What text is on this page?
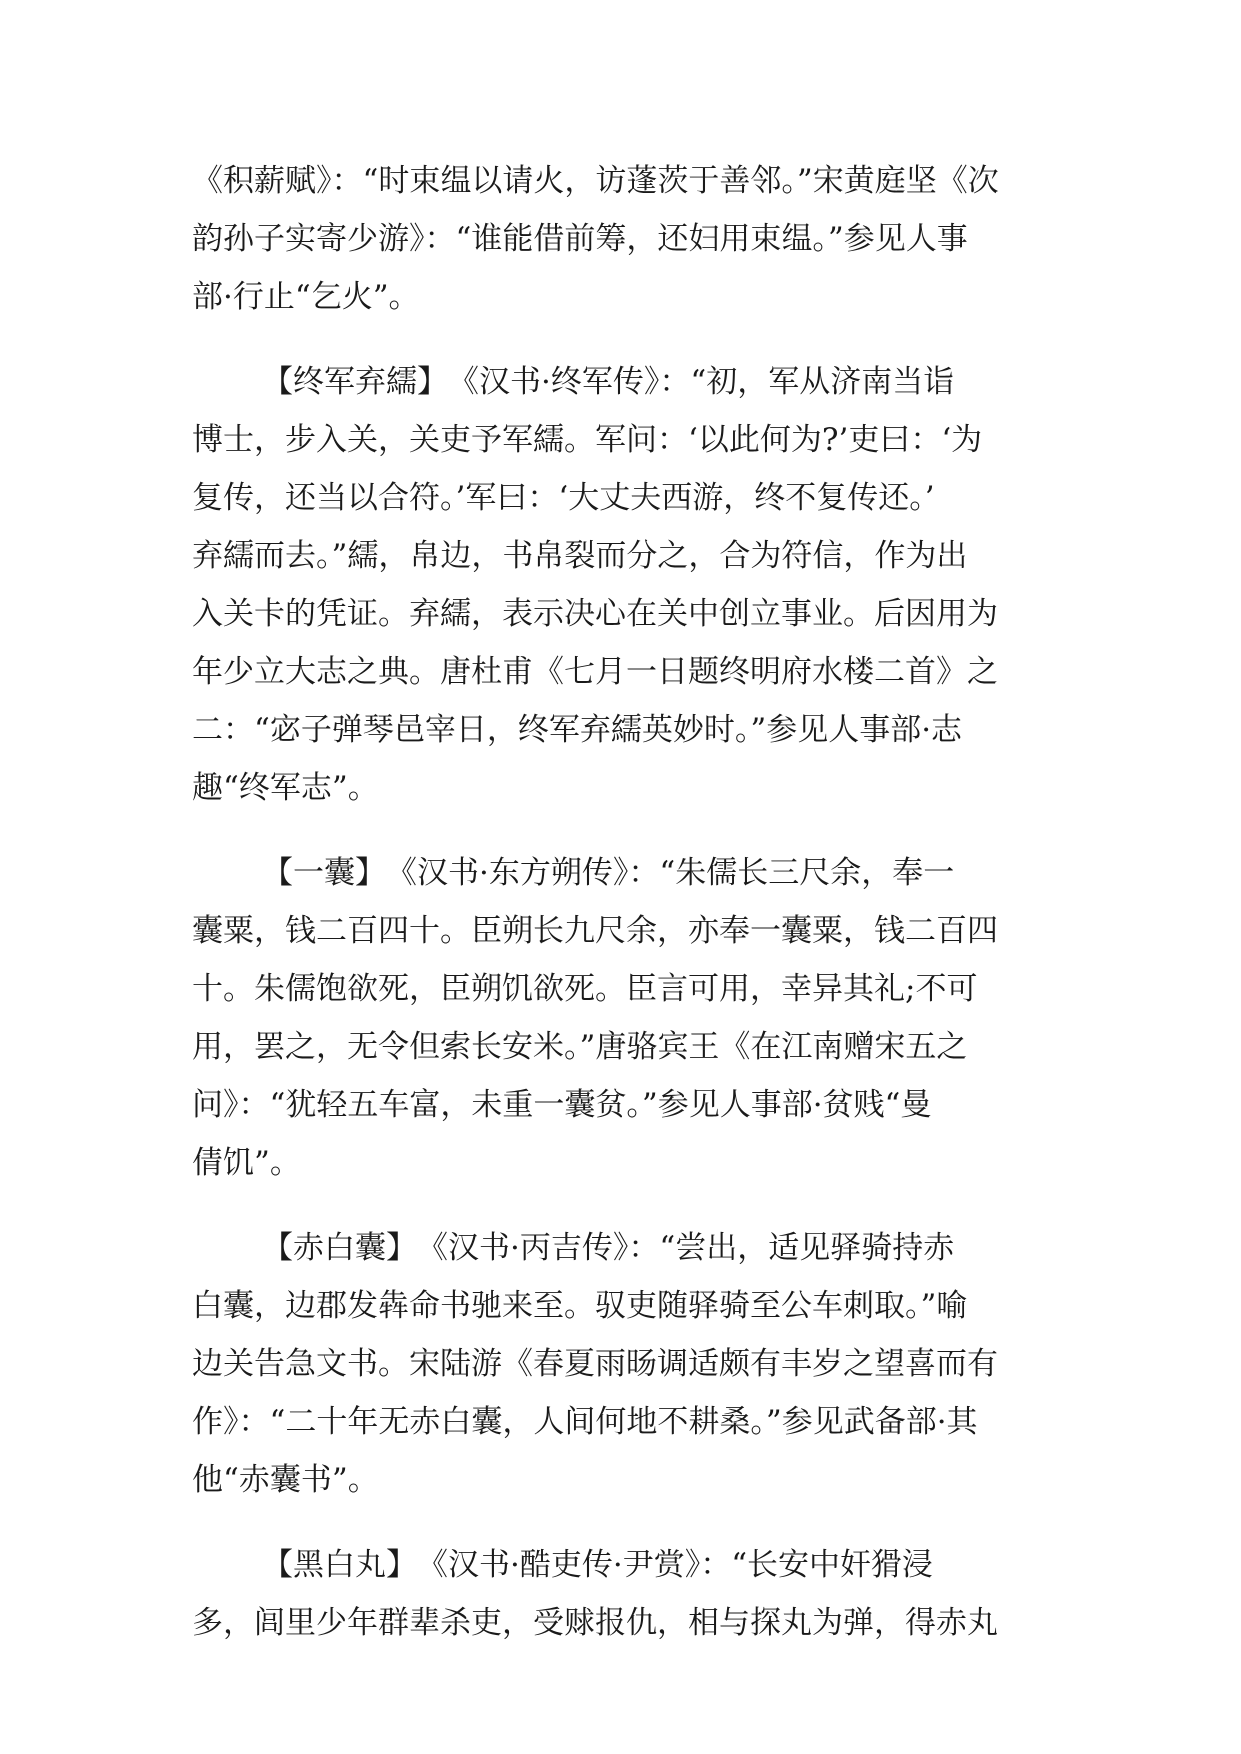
《积薪赋》：“时束缊以请火，访蓬茨于善邻。”宋黄庭坚《次
韵孙子实寄少游》：“谁能借前筹，还妇用束缊。”参见人事
部·行止“乞火”。
【终军弃繻】　《汉书·终军传》：“初，军从济南当诣
博士，步入关，关吏予军繻。军问：‘以此何为?’吏曰：‘为
复传，还当以合符。’军曰：‘大丈夫西游，终不复传还。’
弃繻而去。”繻，帛边，书帛裂而分之，合为符信，作为出
入关卡的凭证。弃繻，表示决心在关中创立事业。后因用为
年少立大志之典。唐杜甫《七月一日题终明府水楼二首》之
二：“宓子弹琴邑宰日，终军弃繻英妙时。”参见人事部·志
趣“终军志”。
【一囊】　《汉书·东方朔传》：“朱儒长三尺余，奉一
囊粟，钱二百四十。臣朔长九尺余，亦奉一囊粟，钱二百四
十。朱儒饱欲死，臣朔饥欲死。臣言可用，幸异其礼;不可
用，罢之，无令但索长安米。”唐骆宾王《在江南赠宋五之
问》：“犹轻五车富，未重一囊贫。”参见人事部·贫贱“曼
倩饥”。
【赤白囊】　《汉书·丙吉传》：“尝出，适见驿骑持赤
白囊，边郡发犇命书驰来至。驭吏随驿骑至公车刺取。”喻
边关告急文书。宋陆游《春夏雨旸调适颇有丰岁之望喜而有
作》：“二十年无赤白囊，人间何地不耕桑。”参见武备部·其
他“赤囊书”。
【黑白丸】　《汉书·酷吏传·尹赏》：“长安中奸猾浸
多，闾里少年群辈杀吏，受赇报仇，相与探丸为弹，得赤丸
